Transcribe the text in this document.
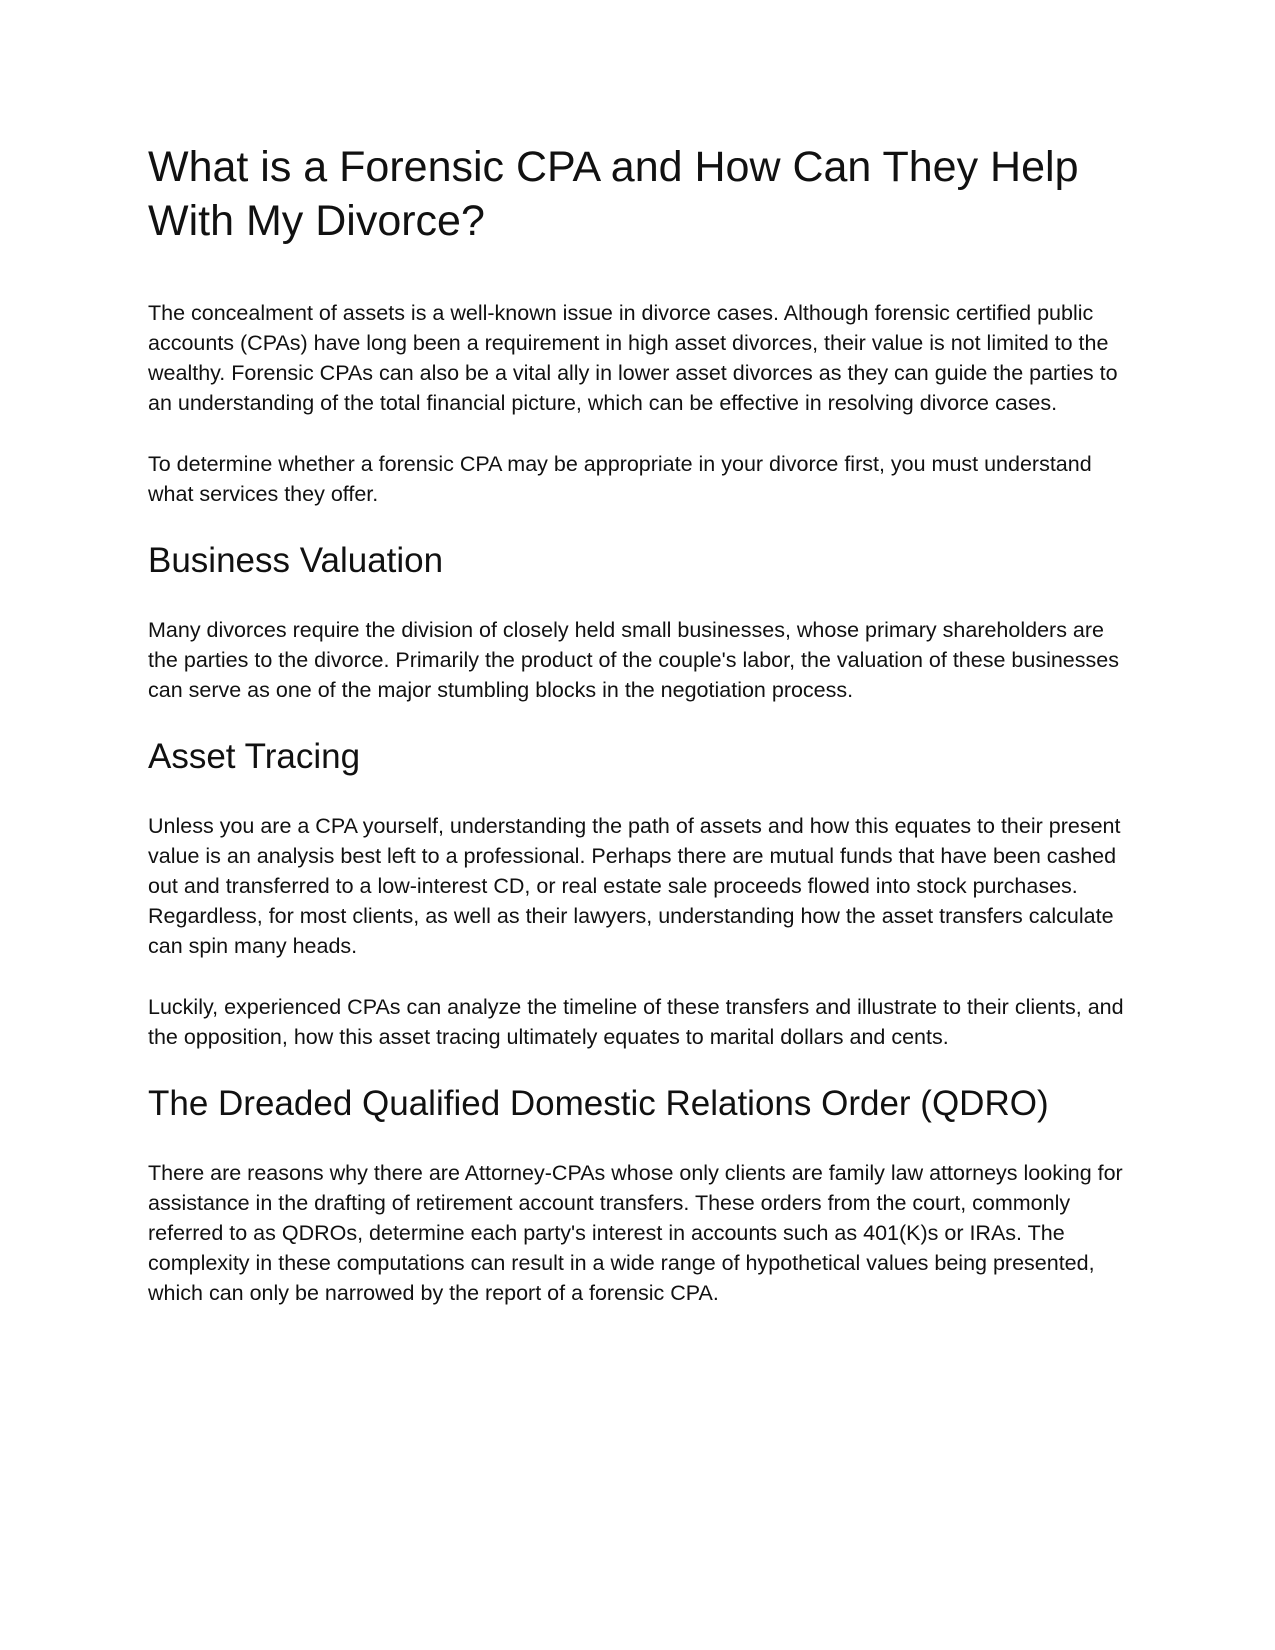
What is a Forensic CPA and How Can They Help With My Divorce?

The concealment of assets is a well-known issue in divorce cases. Although forensic certified public accounts (CPAs) have long been a requirement in high asset divorces, their value is not limited to the wealthy. Forensic CPAs can also be a vital ally in lower asset divorces as they can guide the parties to an understanding of the total financial picture, which can be effective in resolving divorce cases.

To determine whether a forensic CPA may be appropriate in your divorce first, you must understand what services they offer.

Business Valuation

Many divorces require the division of closely held small businesses, whose primary shareholders are the parties to the divorce. Primarily the product of the couple's labor, the valuation of these businesses can serve as one of the major stumbling blocks in the negotiation process.

Asset Tracing

Unless you are a CPA yourself, understanding the path of assets and how this equates to their present value is an analysis best left to a professional. Perhaps there are mutual funds that have been cashed out and transferred to a low-interest CD, or real estate sale proceeds flowed into stock purchases. Regardless, for most clients, as well as their lawyers, understanding how the asset transfers calculate can spin many heads.

Luckily, experienced CPAs can analyze the timeline of these transfers and illustrate to their clients, and the opposition, how this asset tracing ultimately equates to marital dollars and cents.

The Dreaded Qualified Domestic Relations Order (QDRO)

There are reasons why there are Attorney-CPAs whose only clients are family law attorneys looking for assistance in the drafting of retirement account transfers. These orders from the court, commonly referred to as QDROs, determine each party's interest in accounts such as 401(K)s or IRAs. The complexity in these computations can result in a wide range of hypothetical values being presented, which can only be narrowed by the report of a forensic CPA.
